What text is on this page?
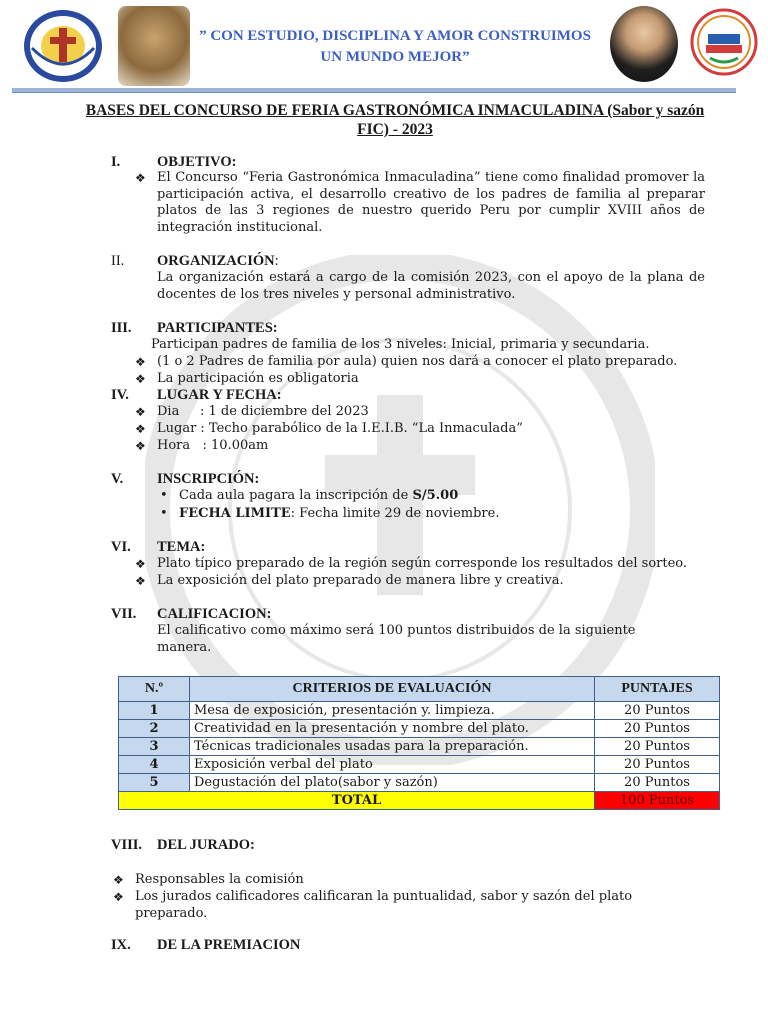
” CON ESTUDIO, DISCIPLINA Y AMOR CONSTRUIMOS UN MUNDO MEJOR”
BASES DEL CONCURSO DE FERIA GASTRONÓMICA INMACULADINA (Sabor y sazón FIC) - 2023
I.	OBJETIVO:
❖ El Concurso “Feria Gastronómica Inmaculadina” tiene como finalidad promover la participación activa, el desarrollo creativo de los padres de familia al preparar platos de las 3 regiones de nuestro querido Peru por cumplir XVIII años de integración institucional.
II. ORGANIZACIÓN:
La organización estará a cargo de la comisión 2023, con el apoyo de la plana de docentes de los tres niveles y personal administrativo.
III. PARTICIPANTES:
Participan padres de familia de los 3 niveles: Inicial, primaria y secundaria.
❖ (1 o 2 Padres de familia por aula) quien nos dará a conocer el plato preparado.
❖ La participación es obligatoria
IV. LUGAR Y FECHA:
❖ Dia     : 1 de diciembre del 2023
❖ Lugar : Techo parabólico de la I.E.I.B. “La Inmaculada”
❖ Hora   : 10.00am
V. INSCRIPCIÓN:
• Cada aula pagara la inscripción de S/5.00
• FECHA LIMITE: Fecha limite 29 de noviembre.
VI. TEMA:
❖ Plato típico preparado de la región según corresponde los resultados del sorteo.
❖ La exposición del plato preparado de manera libre y creativa.
VII. CALIFICACION:
El calificativo como máximo será 100 puntos distribuidos de la siguiente manera.
N.º	CRITERIOS DE EVALUACIÓN	PUNTAJES
1	Mesa de exposición, presentación y. limpieza.	20 Puntos
2	Creatividad en la presentación y nombre del plato.	20 Puntos
3	Técnicas tradicionales usadas para la preparación.	20 Puntos
4	Exposición verbal del plato	20 Puntos
5	Degustación del plato(sabor y sazón)	20 Puntos
TOTAL		100 Puntos
VIII. DEL JURADO:
❖ Responsables la comisión
❖ Los jurados calificadores calificaran la puntualidad, sabor y sazón del plato preparado.
IX. DE LA PREMIACION
